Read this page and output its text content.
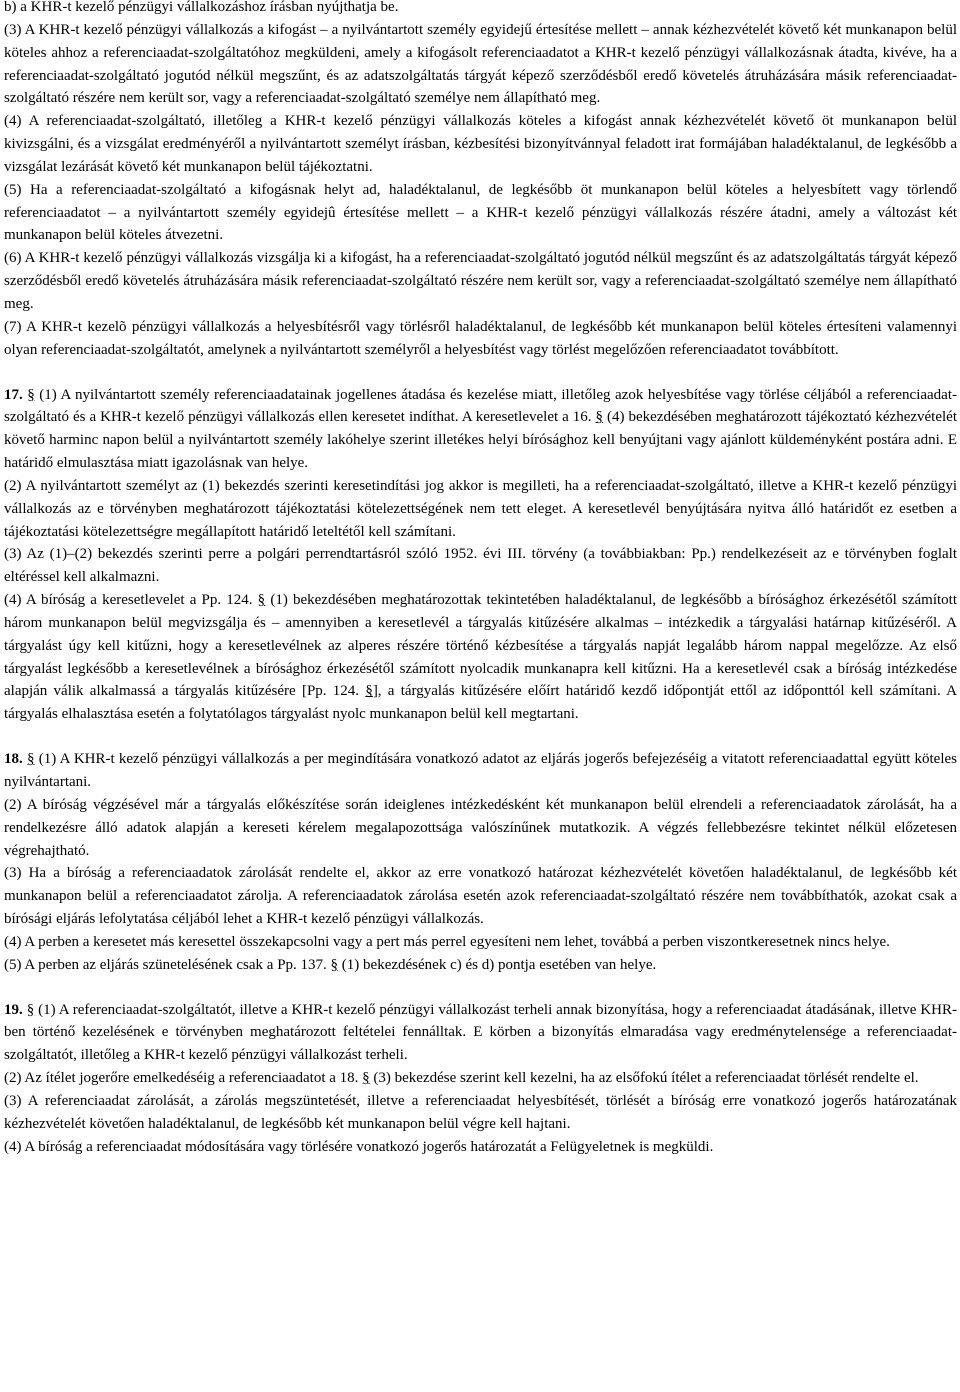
b) a KHR-t kezelő pénzügyi vállalkozáshoz írásban nyújthatja be.

(3) A KHR-t kezelő pénzügyi vállalkozás a kifogást – a nyilvántartott személy egyidejű értesítése mellett – annak kézhezvételét követő két munkanapon belül köteles ahhoz a referenciaadat-szolgáltatóhoz megküldeni, amely a kifogásolt referenciaadatot a KHR-t kezelő pénzügyi vállalkozásnak átadta, kivéve, ha a referenciaadat-szolgáltató jogutód nélkül megszűnt, és az adatszolgáltatás tárgyát képező szerződésből eredő követelés átruházására másik referenciaadat-szolgáltató részére nem került sor, vagy a referenciaadat-szolgáltató személye nem állapítható meg.

(4) A referenciaadat-szolgáltató, illetőleg a KHR-t kezelő pénzügyi vállalkozás köteles a kifogást annak kézhezvételét követő öt munkanapon belül kivizsgálni, és a vizsgálat eredményéről a nyilvántartott személyt írásban, kézbesítési bizonyítvánnyal feladott irat formájában haladéktalanul, de legkésőbb a vizsgálat lezárását követő két munkanapon belül tájékoztatni.

(5) Ha a referenciaadat-szolgáltató a kifogásnak helyt ad, haladéktalanul, de legkésőbb öt munkanapon belül köteles a helyesbített vagy törlendő referenciaadatot – a nyilvántartott személy egyidejû értesítése mellett – a KHR-t kezelő pénzügyi vállalkozás részére átadni, amely a változást két munkanapon belül köteles átvezetni.

(6) A KHR-t kezelő pénzügyi vállalkozás vizsgálja ki a kifogást, ha a referenciaadat-szolgáltató jogutód nélkül megszűnt és az adatszolgáltatás tárgyát képező szerződésből eredő követelés átruházására másik referenciaadat-szolgáltató részére nem került sor, vagy a referenciaadat-szolgáltató személye nem állapítható meg.

(7) A KHR-t kezelõ pénzügyi vállalkozás a helyesbítésről vagy törlésről haladéktalanul, de legkésőbb két munkanapon belül köteles értesíteni valamennyi olyan referenciaadat-szolgáltatót, amelynek a nyilvántartott személyről a helyesbítést vagy törlést megelőzően referenciaadatot továbbított.

17. § (1) A nyilvántartott személy referenciaadatainak jogellenes átadása és kezelése miatt, illetőleg azok helyesbítése vagy törlése céljából a referenciaadat-szolgáltató és a KHR-t kezelő pénzügyi vállalkozás ellen keresetet indíthat. A keresetlevelet a 16. § (4) bekezdésében meghatározott tájékoztató kézhezvételét követő harminc napon belül a nyilvántartott személy lakóhelye szerint illetékes helyi bírósághoz kell benyújtani vagy ajánlott küldeményként postára adni. E határidő elmulasztása miatt igazolásnak van helye.

(2) A nyilvántartott személyt az (1) bekezdés szerinti keresetindítási jog akkor is megilleti, ha a referenciaadat-szolgáltató, illetve a KHR-t kezelő pénzügyi vállalkozás az e törvényben meghatározott tájékoztatási kötelezettségének nem tett eleget. A keresetlevél benyújtására nyitva álló határidőt ez esetben a tájékoztatási kötelezettségre megállapított határidő leteltétől kell számítani.

(3) Az (1)–(2) bekezdés szerinti perre a polgári perrendtartásról szóló 1952. évi III. törvény (a továbbiakban: Pp.) rendelkezéseit az e törvényben foglalt eltéréssel kell alkalmazni.

(4) A bíróság a keresetlevelet a Pp. 124. § (1) bekezdésében meghatározottak tekintetében haladéktalanul, de legkésőbb a bírósághoz érkezésétől számított három munkanapon belül megvizsgálja és – amennyiben a keresetlevél a tárgyalás kitűzésére alkalmas – intézkedik a tárgyalási határnap kitűzéséről. A tárgyalást úgy kell kitűzni, hogy a keresetlevélnek az alperes részére történő kézbesítése a tárgyalás napját legalább három nappal megelőzze. Az első tárgyalást legkésőbb a keresetlevélnek a bírósághoz érkezésétől számított nyolcadik munkanapra kell kitűzni. Ha a keresetlevél csak a bíróság intézkedése alapján válik alkalmassá a tárgyalás kitűzésére [Pp. 124. §], a tárgyalás kitűzésére előírt határidő kezdő időpontját ettől az időponttól kell számítani. A tárgyalás elhalasztása esetén a folytatólagos tárgyalást nyolc munkanapon belül kell megtartani.

18. § (1) A KHR-t kezelő pénzügyi vállalkozás a per megindítására vonatkozó adatot az eljárás jogerős befejezéséig a vitatott referenciaadattal együtt köteles nyilvántartani.

(2) A bíróság végzésével már a tárgyalás előkészítése során ideiglenes intézkedésként két munkanapon belül elrendeli a referenciaadatok zárolását, ha a rendelkezésre álló adatok alapján a kereseti kérelem megalapozottsága valószínűnek mutatkozik. A végzés fellebbezésre tekintet nélkül előzetesen végrehajtható.

(3) Ha a bíróság a referenciaadatok zárolását rendelte el, akkor az erre vonatkozó határozat kézhezvételét követően haladéktalanul, de legkésőbb két munkanapon belül a referenciaadatot zárolja. A referenciaadatok zárolása esetén azok referenciaadat-szolgáltató részére nem továbbíthatók, azokat csak a bírósági eljárás lefolytatása céljából lehet a KHR-t kezelő pénzügyi vállalkozás.

(4) A perben a keresetet más keresettel összekapcsolni vagy a pert más perrel egyesíteni nem lehet, továbbá a perben viszontkeresetnek nincs helye.

(5) A perben az eljárás szünetelésének csak a Pp. 137. § (1) bekezdésének c) és d) pontja esetében van helye.

19. § (1) A referenciaadat-szolgáltatót, illetve a KHR-t kezelő pénzügyi vállalkozást terheli annak bizonyítása, hogy a referenciaadat átadásának, illetve KHR-ben történő kezelésének e törvényben meghatározott feltételei fennálltak. E körben a bizonyítás elmaradása vagy eredménytelensége a referenciaadat-szolgáltatót, illetőleg a KHR-t kezelő pénzügyi vállalkozást terheli.

(2) Az ítélet jogerőre emelkedéséig a referenciaadatot a 18. § (3) bekezdése szerint kell kezelni, ha az elsőfokú ítélet a referenciaadat törlését rendelte el.

(3) A referenciaadat zárolását, a zárolás megszüntetését, illetve a referenciaadat helyesbítését, törlését a bíróság erre vonatkozó jogerős határozatának kézhezvételét követően haladéktalanul, de legkésőbb két munkanapon belül végre kell hajtani.

(4) A bíróság a referenciaadat módosítására vagy törlésére vonatkozó jogerős határozatát a Felügyeletnek is megküldi.
